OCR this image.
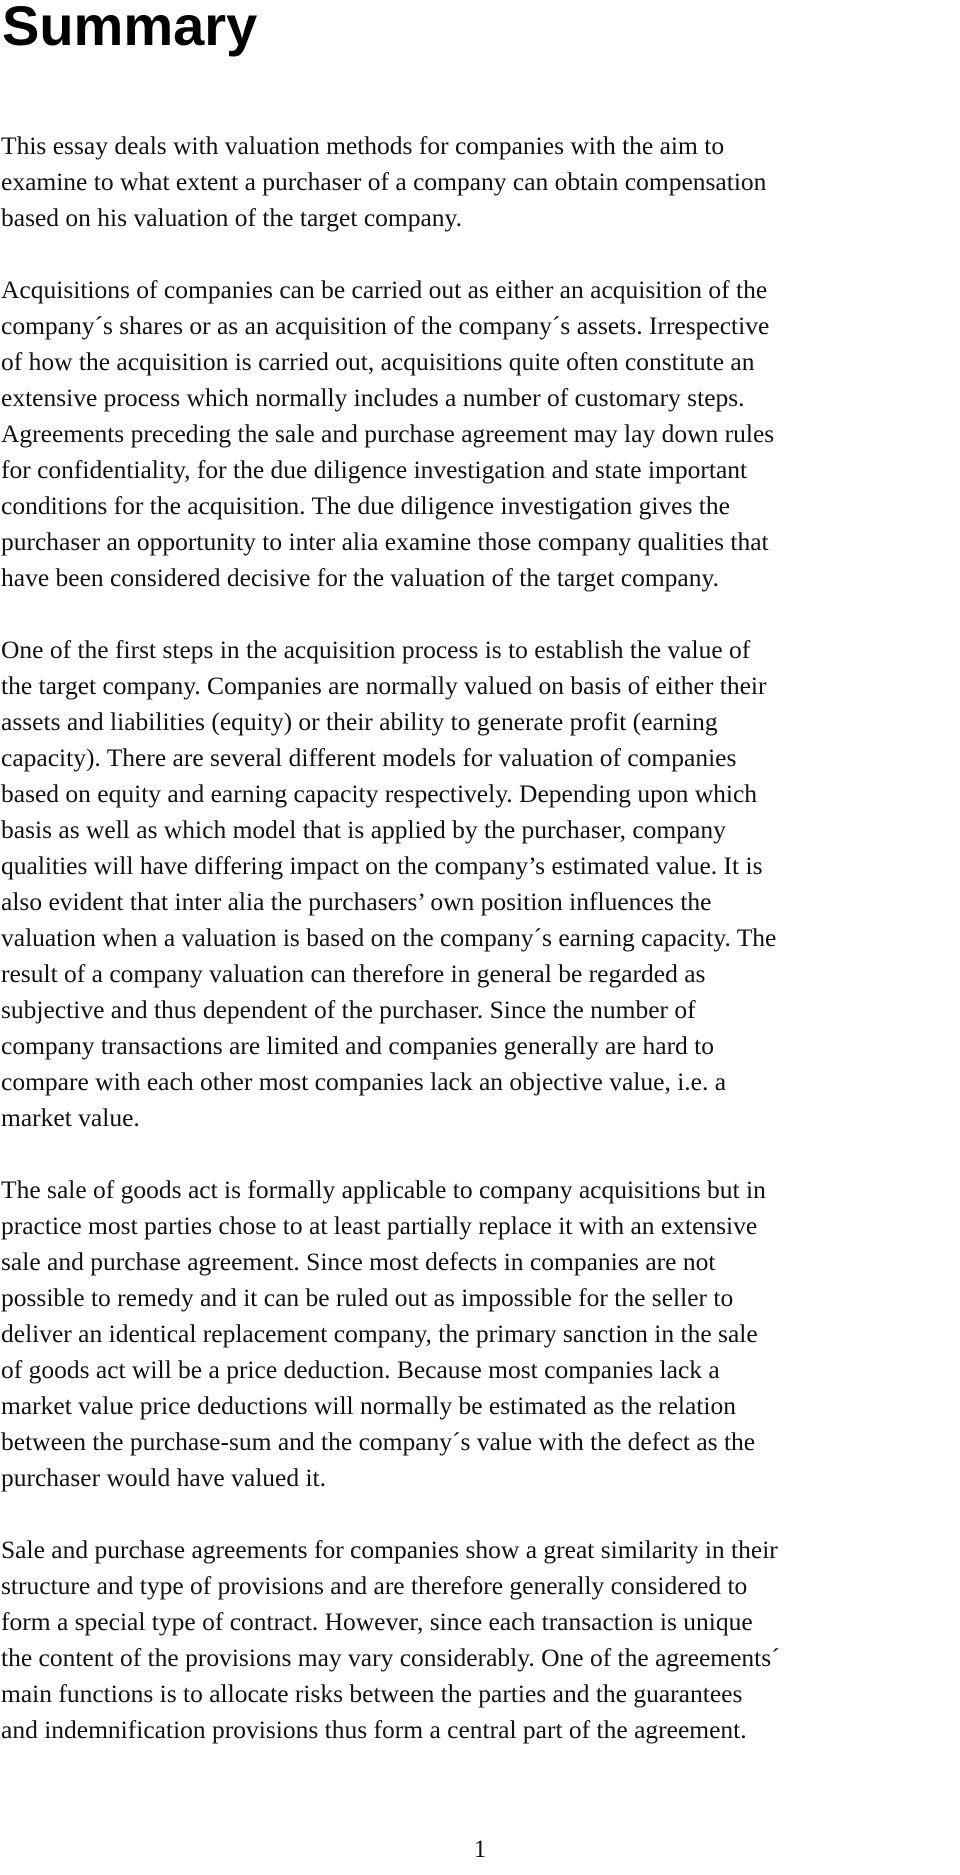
Summary

This essay deals with valuation methods for companies with the aim to
examine to what extent a purchaser of a company can obtain compensation
based on his valuation of the target company.

Acquisitions of companies can be carried out as either an acquisition of the
company´s shares or as an acquisition of the company´s assets. Irrespective
of how the acquisition is carried out, acquisitions quite often constitute an
extensive process which normally includes a number of customary steps.
Agreements preceding the sale and purchase agreement may lay down rules
for confidentiality, for the due diligence investigation and state important
conditions for the acquisition. The due diligence investigation gives the
purchaser an opportunity to inter alia examine those company qualities that
have been considered decisive for the valuation of the target company.

One of the first steps in the acquisition process is to establish the value of
the target company. Companies are normally valued on basis of either their
assets and liabilities (equity) or their ability to generate profit (earning
capacity). There are several different models for valuation of companies
based on equity and earning capacity respectively. Depending upon which
basis as well as which model that is applied by the purchaser, company
qualities will have differing impact on the company’s estimated value. It is
also evident that inter alia the purchasers’ own position influences the
valuation when a valuation is based on the company´s earning capacity. The
result of a company valuation can therefore in general be regarded as
subjective and thus dependent of the purchaser. Since the number of
company transactions are limited and companies generally are hard to
compare with each other most companies lack an objective value, i.e. a
market value.

The sale of goods act is formally applicable to company acquisitions but in
practice most parties chose to at least partially replace it with an extensive
sale and purchase agreement. Since most defects in companies are not
possible to remedy and it can be ruled out as impossible for the seller to
deliver an identical replacement company, the primary sanction in the sale
of goods act will be a price deduction. Because most companies lack a
market value price deductions will normally be estimated as the relation
between the purchase-sum and the company´s value with the defect as the
purchaser would have valued it.

Sale and purchase agreements for companies show a great similarity in their
structure and type of provisions and are therefore generally considered to
form a special type of contract. However, since each transaction is unique
the content of the provisions may vary considerably. One of the agreements´
main functions is to allocate risks between the parties and the guarantees
and indemnification provisions thus form a central part of the agreement.

1
